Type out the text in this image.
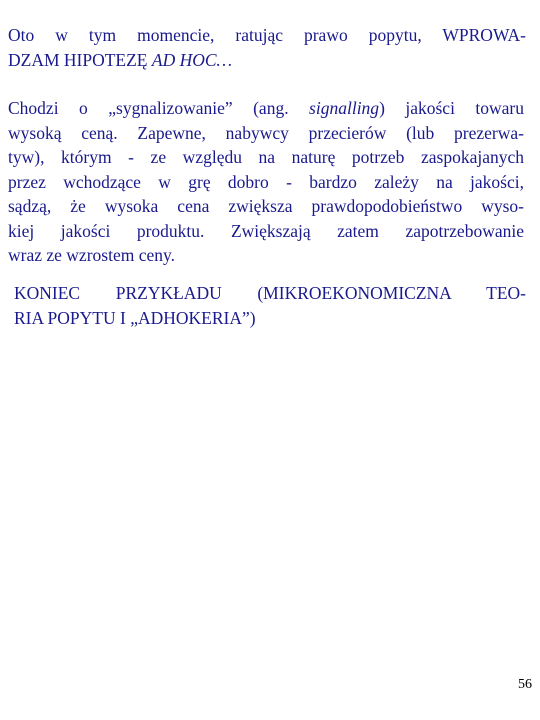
Oto w tym momencie, ratując prawo popytu, WPROWA-
DZAM HIPOTEZĘ AD HOC…
Chodzi o „sygnalizowanie” (ang. signalling) jakości towaru
wysoką ceną. Zapewne, nabywcy przecierów (lub prezerwa-
tyw), którym - ze względu na naturę potrzeb zaspokajanych
przez wchodzące w grę dobro - bardzo zależy na jakości,
sądzą, że wysoka cena zwiększa prawdopodobieństwo wyso-
kiej jakości produktu. Zwiększają zatem zapotrzebowanie
wraz ze wzrostem ceny.
KONIEC PRZYKŁADU (MIKROEKONOMICZNA TEO-
RIA POPYTU I „ADHOKERIA”)
56
